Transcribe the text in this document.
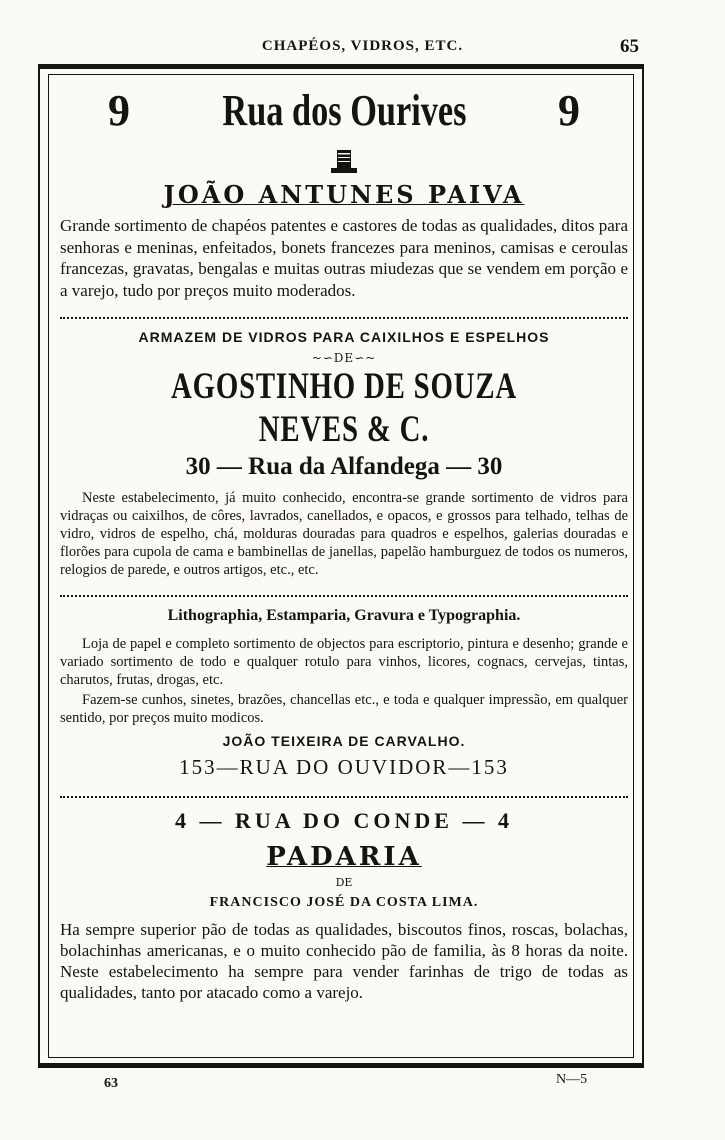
CHAPÉOS, VIDROS, ETC.	65
9 Rua dos Ourives 9
JOÃO ANTUNES PAIVA

Grande sortimento de chapéos patentes e castores de todas as qualidades, ditos para senhoras e meninas, enfeitados, bonets francezes para meninos, camisas e ceroulas francezas, gravatas, bengalas e muitas outras miudezas que se vendem em porção e a varejo, tudo por preços muito moderados.

ARMAZEM DE VIDROS PARA CAIXILHOS E ESPELHOS
~∽DE∽~
AGOSTINHO DE SOUZA NEVES & C.
30 — Rua da Alfandega — 30

Neste estabelecimento, já muito conhecido, encontra-se grande sortimento de vidros para vidraças ou caixilhos, de côres, lavrados, canellados, e opacos, e grossos para telhado, telhas de vidro, vidros de espelho, chá, molduras douradas para quadros e espelhos, galerias douradas e florões para cupola de cama e bambinellas de janellas, papelão hamburguez de todos os numeros, relogios de parede, e outros artigos, etc., etc.

Lithographia, Estamparia, Gravura e Typographia.

Loja de papel e completo sortimento de objectos para escriptorio, pintura e desenho; grande e variado sortimento de todo e qualquer rotulo para vinhos, licores, cognacs, cervejas, tintas, charutos, frutas, drogas, etc.

Fazem-se cunhos, sinetes, brazões, chancellas etc., e toda e qualquer impressão, em qualquer sentido, por preços muito modicos.

JOÃO TEIXEIRA DE CARVALHO.
153—RUA DO OUVIDOR—153
4 — RUA DO CONDE — 4
PADARIA
DE
FRANCISCO JOSÉ DA COSTA LIMA.

Ha sempre superior pão de todas as qualidades, biscoutos finos, roscas, bolachas, bolachinhas americanas, e o muito conhecido pão de familia, às 8 horas da noite. Neste estabelecimento ha sempre para vender farinhas de trigo de todas as qualidades, tanto por atacado como a varejo.

63	N—5
